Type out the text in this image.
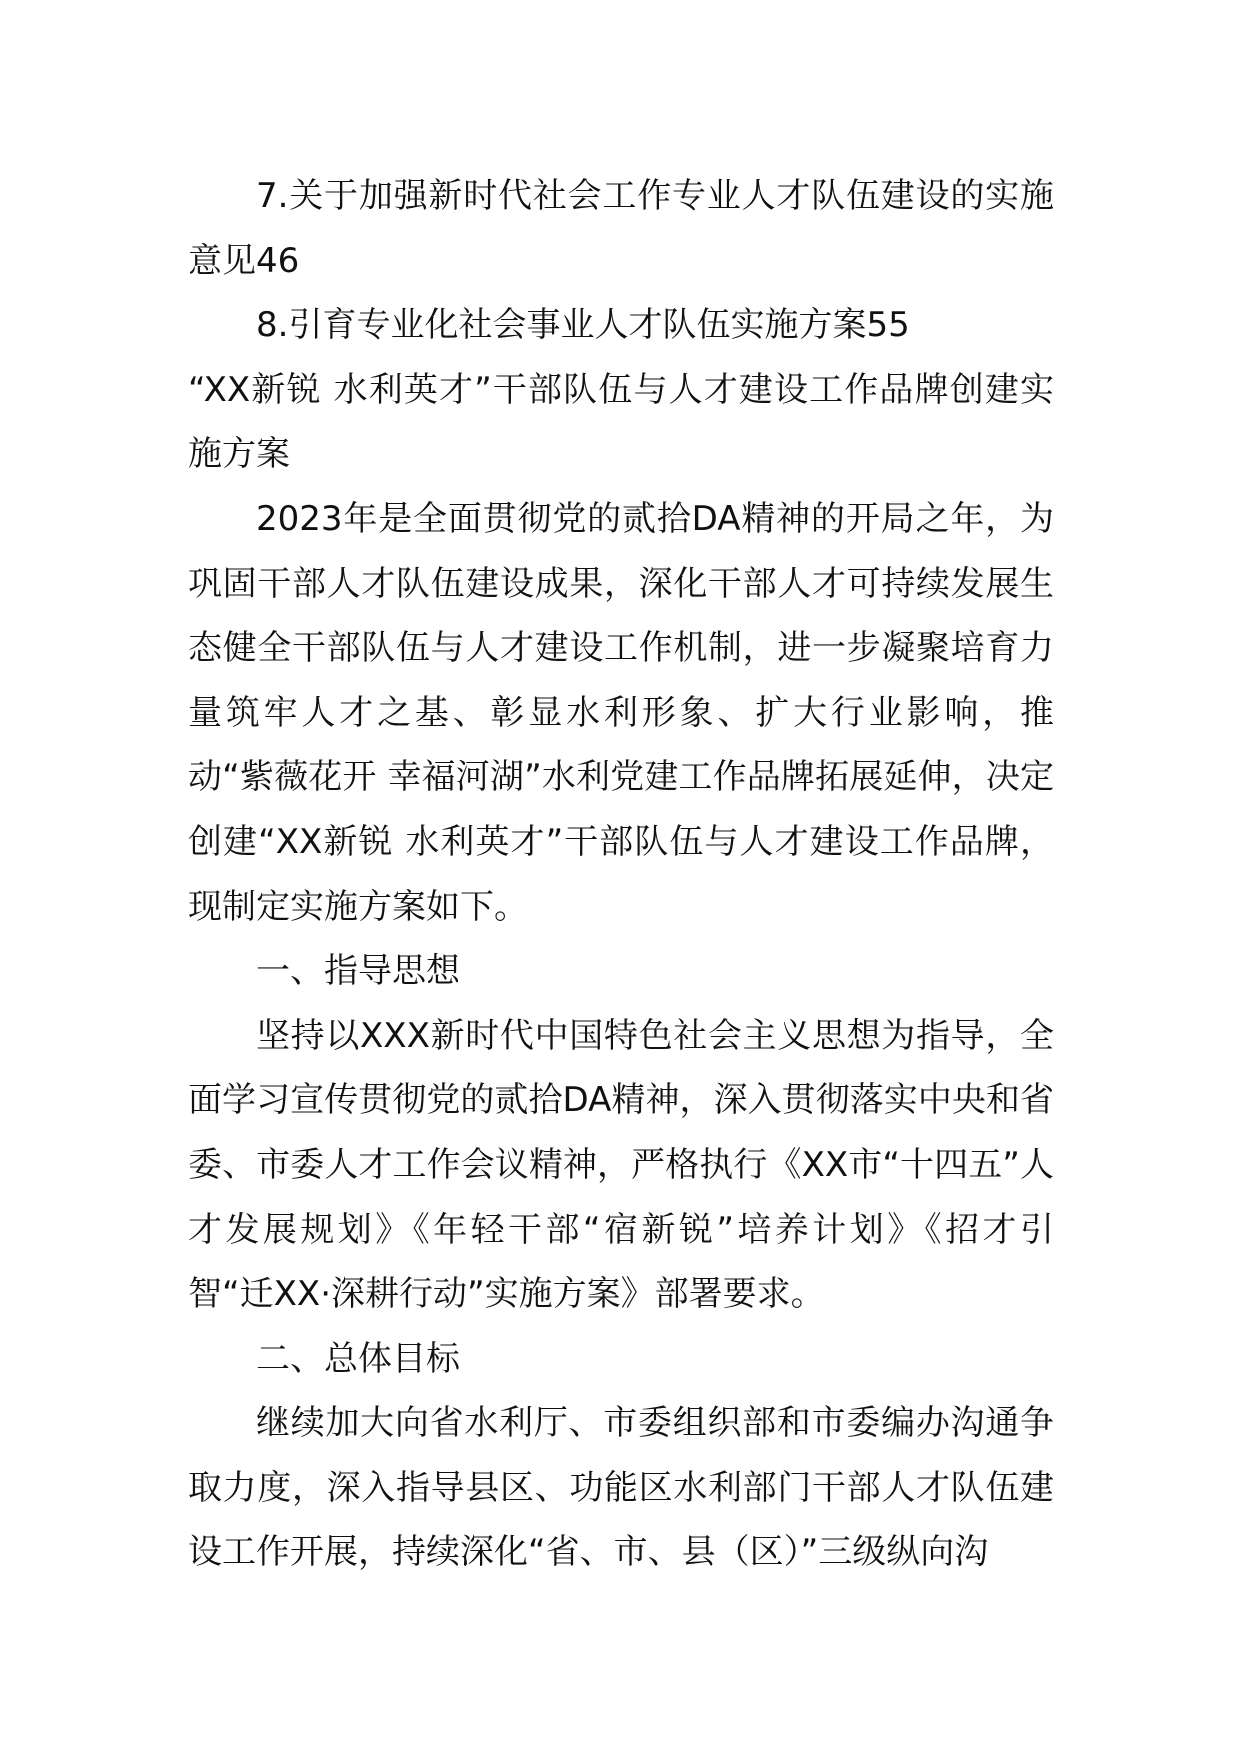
7.关于加强新时代社会工作专业人才队伍建设的实施意见46

8.引育专业化社会事业人才队伍实施方案55

“XX新锐 水利英才”干部队伍与人才建设工作品牌创建实施方案

2023年是全面贯彻党的贰拾DA精神的开局之年，为巩固干部人才队伍建设成果，深化干部人才可持续发展生态健全干部队伍与人才建设工作机制，进一步凝聚培育力量筑牢人才之基、彰显水利形象、扩大行业影响，推动“紫薇花开 幸福河湖”水利党建工作品牌拓展延伸，决定创建“XX新锐 水利英才”干部队伍与人才建设工作品牌，现制定实施方案如下。

一、指导思想

坚持以XXX新时代中国特色社会主义思想为指导，全面学习宣传贯彻党的贰拾DA精神，深入贯彻落实中央和省委、市委人才工作会议精神，严格执行《XX市“十四五”人才发展规划》《年轻干部“宿新锐”培养计划》《招才引智“迁XX·深耕行动”实施方案》部署要求。

二、总体目标

继续加大向省水利厅、市委组织部和市委编办沟通争取力度，深入指导县区、功能区水利部门干部人才队伍建设工作开展，持续深化“省、市、县（区）”三级纵向沟
